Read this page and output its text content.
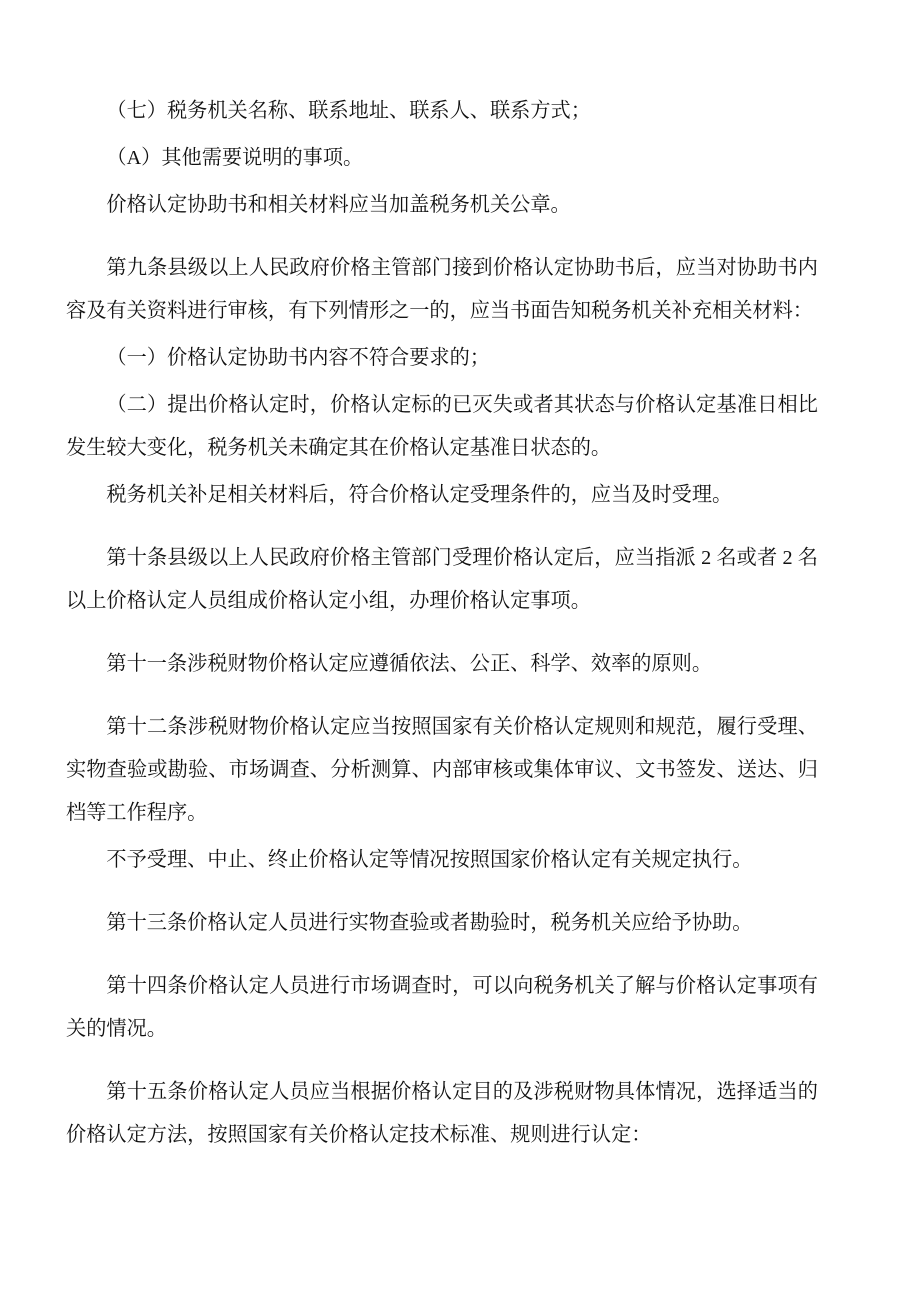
（七）税务机关名称、联系地址、联系人、联系方式；

（A）其他需要说明的事项。

价格认定协助书和相关材料应当加盖税务机关公章。

第九条县级以上人民政府价格主管部门接到价格认定协助书后，应当对协助书内容及有关资料进行审核，有下列情形之一的，应当书面告知税务机关补充相关材料：

（一）价格认定协助书内容不符合要求的；

（二）提出价格认定时，价格认定标的已灭失或者其状态与价格认定基准日相比发生较大变化，税务机关未确定其在价格认定基准日状态的。

税务机关补足相关材料后，符合价格认定受理条件的，应当及时受理。

第十条县级以上人民政府价格主管部门受理价格认定后，应当指派 2 名或者 2 名以上价格认定人员组成价格认定小组，办理价格认定事项。

第十一条涉税财物价格认定应遵循依法、公正、科学、效率的原则。

第十二条涉税财物价格认定应当按照国家有关价格认定规则和规范，履行受理、实物查验或勘验、市场调查、分析测算、内部审核或集体审议、文书签发、送达、归档等工作程序。

不予受理、中止、终止价格认定等情况按照国家价格认定有关规定执行。

第十三条价格认定人员进行实物查验或者勘验时，税务机关应给予协助。

第十四条价格认定人员进行市场调查时，可以向税务机关了解与价格认定事项有关的情况。

第十五条价格认定人员应当根据价格认定目的及涉税财物具体情况，选择适当的价格认定方法，按照国家有关价格认定技术标准、规则进行认定：
